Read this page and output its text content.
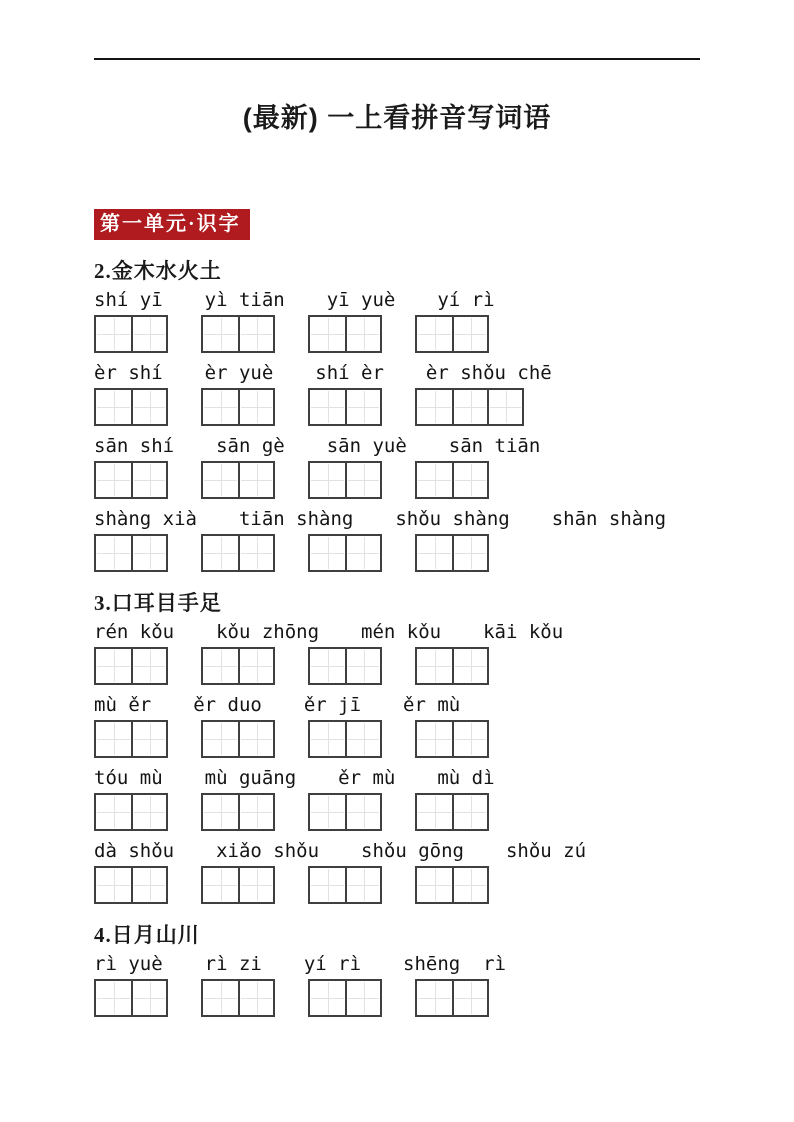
(最新) 一上看拼音写词语
第一单元·识字
2.金木水火土
shí yī yì tiān yī yuè yí rì
èr shí èr yuè shí èr èr shǒu chē
sān shí sān gè sān yuè sān tiān
shàng xià tiān shàng shǒu shàng shān shàng
3.口耳目手足
rén kǒu kǒu zhōng mén kǒu kāi kǒu
mù ěr ěr duo ěr jī ěr mù
tóu mù mù guāng ěr mù mù dì
dà shǒu xiǎo shǒu shǒu gōng shǒu zú
4.日月山川
rì yuè rì zi yí rì shēng  rì
